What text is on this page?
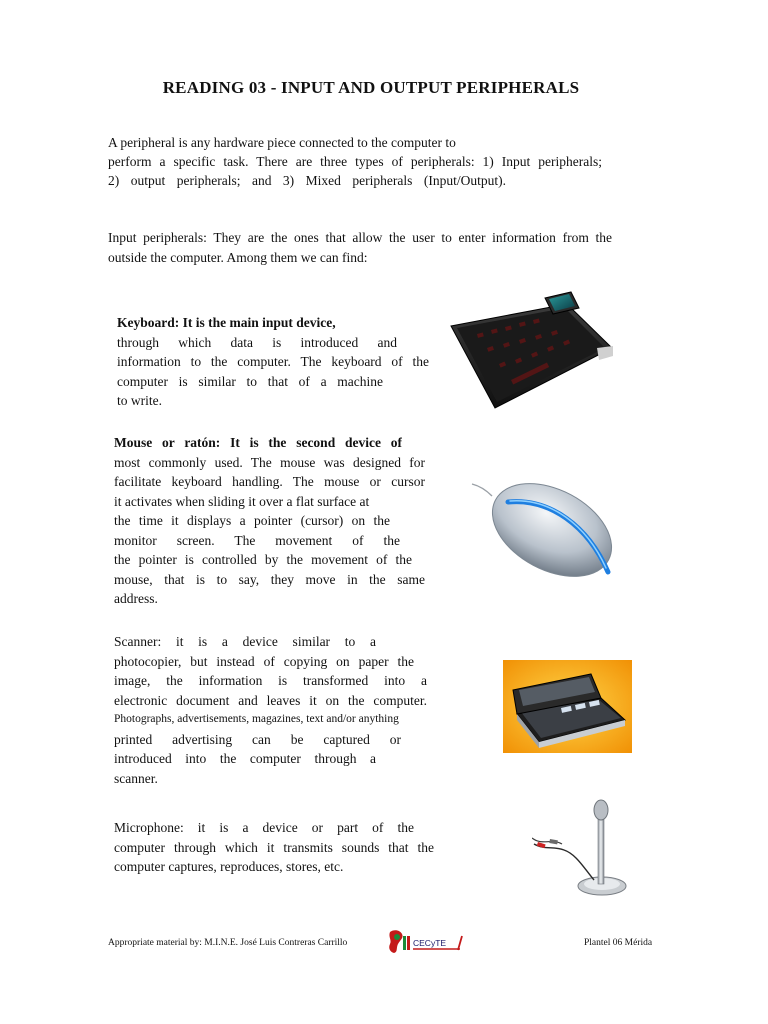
READING 03 - INPUT AND OUTPUT PERIPHERALS
A peripheral is any hardware piece connected to the computer to
perform a specific task. There are three types of peripherals: 1) Input peripherals;
2) output peripherals; and 3) Mixed peripherals (Input/Output).
Input peripherals: They are the ones that allow the user to enter information from the
outside the computer. Among them we can find:
Keyboard: It is the main input device,
through which data is introduced and
information to the computer. The keyboard of the
computer is similar to that of a machine
to write.
Mouse or ratón: It is the second device of
most commonly used. The mouse was designed for
facilitate keyboard handling. The mouse or cursor
it activates when sliding it over a flat surface at
the time it displays a pointer (cursor) on the
monitor screen. The movement of the
the pointer is controlled by the movement of the
mouse, that is to say, they move in the same
address.
Scanner: it is a device similar to a
photocopier, but instead of copying on paper the
image, the information is transformed into a
electronic document and leaves it on the computer.
Photographs, advertisements, magazines, text and/or anything
printed advertising can be captured or
introduced into the computer through a
scanner.
Microphone: it is a device or part of the
computer through which it transmits sounds that the
computer captures, reproduces, stores, etc.
Appropriate material by: M.I.N.E. José Luis Contreras Carrillo	CECyTE	Plantel 06 Mérida
